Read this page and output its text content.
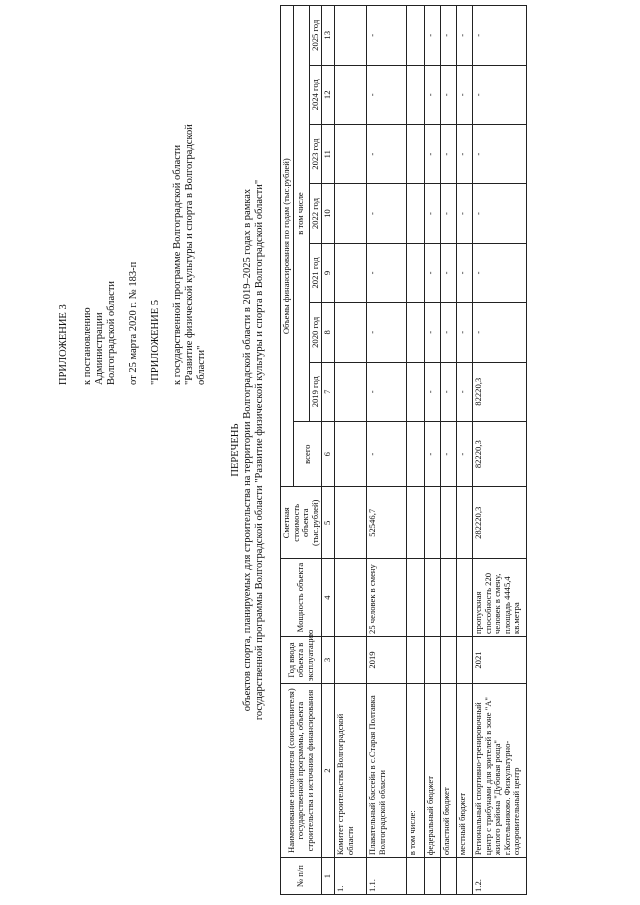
ПРИЛОЖЕНИЕ 3 к постановлению Администрации Волгоградской области от 25 марта 2020 г. № 183-п "ПРИЛОЖЕНИЕ 5 к государственной программе Волгоградской области "Развитие физической культуры и спорта в Волгоградской области"
ПЕРЕЧЕНЬ объектов спорта, планируемых для строительства на территории Волгоградской области в 2019–2025 годах в рамках государственной программы Волгоградской области "Развитие физической культуры и спорта в Волгоградской области"
№ п/п	Наименование исполнителя (соисполнителя) государственной программы, объекта строительства и источника финансирования	Год ввода объекта в эксплуатацию	Мощность объекта	Сметная стоимость объекта (тыс.рублей)	Объемы финансирования по годам (тыс.рублей)							
					всего	в том числе						
						2019 год	2020 год	2021 год	2022 год	2023 год	2024 год	2025 год
1	2	3	4	5	6	7	8	9	10	11	12	13
1.	Комитет строительства Волгоградской области											
1.1.	Плавательный бассейн в с.Старая Полтавка Волгоградской области	2019	25 человек в смену	52546,7	-	-	-	-	-	-	-	-
	в том числе:											
	федеральный бюджет				-	-	-	-	-	-	-	-
	областной бюджет				-	-	-	-	-	-	-	-
	местный бюджет				-	-	-	-	-	-	-	-
1.2.	Региональный спортивно-тренировочный центр с трибунами для зрителей в зоне "А" жилого района "Дубовая роща" г.Котельниково. Физкультурно-оздоровительный центр	2021	пропускная способность 220 человек в смену, площадь 4445,4 кв.метра	282220,3	82220,3	82220,3	-	-	-	-	-	-
